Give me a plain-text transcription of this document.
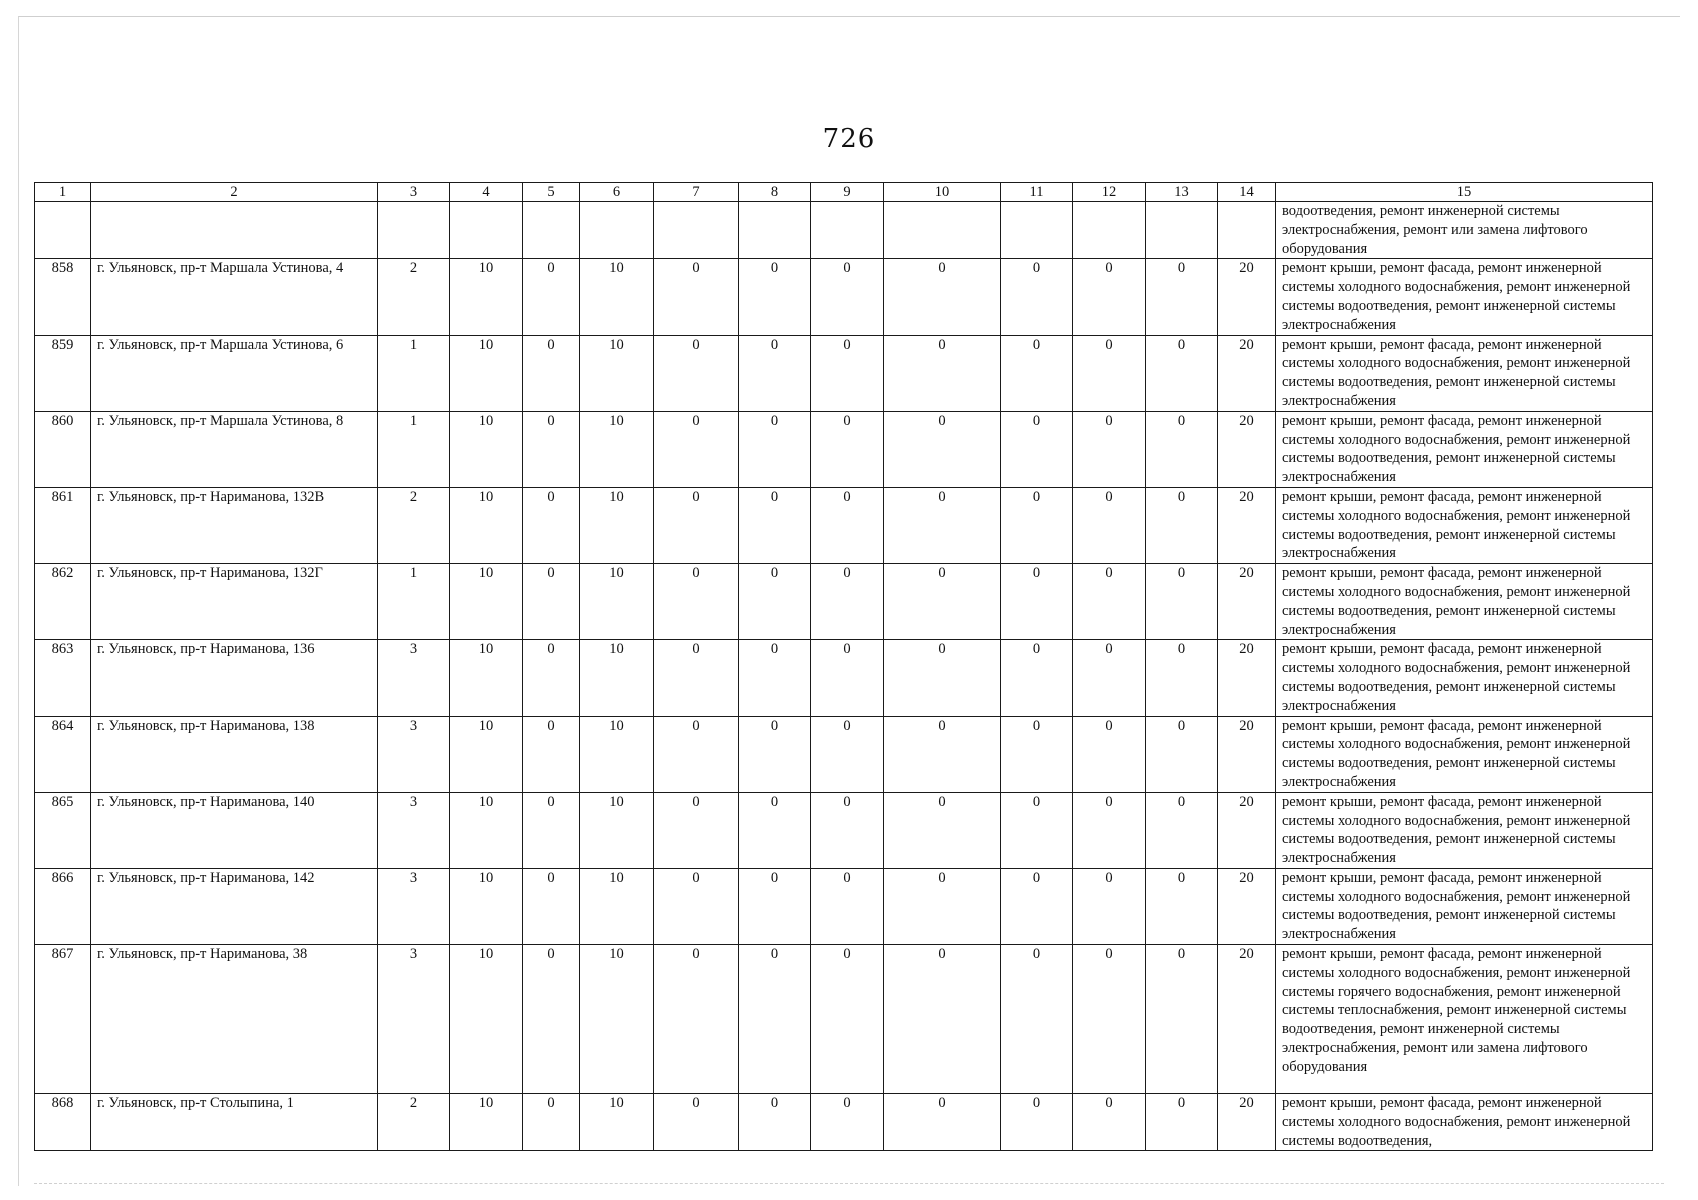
726
1	2	3	4	5	6	7	8	9	10	11	12	13	14	15
														водоотведения, ремонт инженерной системы электроснабжения, ремонт или замена лифтового оборудования
858	г. Ульяновск, пр-т Маршала Устинова, 4	2	10	0	10	0	0	0	0	0	0	0	20	ремонт крыши, ремонт фасада, ремонт инженерной системы холодного водоснабжения, ремонт инженерной системы водоотведения, ремонт инженерной системы электроснабжения
859	г. Ульяновск, пр-т Маршала Устинова, 6	1	10	0	10	0	0	0	0	0	0	0	20	ремонт крыши, ремонт фасада, ремонт инженерной системы холодного водоснабжения, ремонт инженерной системы водоотведения, ремонт инженерной системы электроснабжения
860	г. Ульяновск, пр-т Маршала Устинова, 8	1	10	0	10	0	0	0	0	0	0	0	20	ремонт крыши, ремонт фасада, ремонт инженерной системы холодного водоснабжения, ремонт инженерной системы водоотведения, ремонт инженерной системы электроснабжения
861	г. Ульяновск, пр-т Нариманова, 132В	2	10	0	10	0	0	0	0	0	0	0	20	ремонт крыши, ремонт фасада, ремонт инженерной системы холодного водоснабжения, ремонт инженерной системы водоотведения, ремонт инженерной системы электроснабжения
862	г. Ульяновск, пр-т Нариманова, 132Г	1	10	0	10	0	0	0	0	0	0	0	20	ремонт крыши, ремонт фасада, ремонт инженерной системы холодного водоснабжения, ремонт инженерной системы водоотведения, ремонт инженерной системы электроснабжения
863	г. Ульяновск, пр-т Нариманова, 136	3	10	0	10	0	0	0	0	0	0	0	20	ремонт крыши, ремонт фасада, ремонт инженерной системы холодного водоснабжения, ремонт инженерной системы водоотведения, ремонт инженерной системы электроснабжения
864	г. Ульяновск, пр-т Нариманова, 138	3	10	0	10	0	0	0	0	0	0	0	20	ремонт крыши, ремонт фасада, ремонт инженерной системы холодного водоснабжения, ремонт инженерной системы водоотведения, ремонт инженерной системы электроснабжения
865	г. Ульяновск, пр-т Нариманова, 140	3	10	0	10	0	0	0	0	0	0	0	20	ремонт крыши, ремонт фасада, ремонт инженерной системы холодного водоснабжения, ремонт инженерной системы водоотведения, ремонт инженерной системы электроснабжения
866	г. Ульяновск, пр-т Нариманова, 142	3	10	0	10	0	0	0	0	0	0	0	20	ремонт крыши, ремонт фасада, ремонт инженерной системы холодного водоснабжения, ремонт инженерной системы водоотведения, ремонт инженерной системы электроснабжения
867	г. Ульяновск, пр-т Нариманова, 38	3	10	0	10	0	0	0	0	0	0	0	20	ремонт крыши, ремонт фасада, ремонт инженерной системы холодного водоснабжения, ремонт инженерной системы горячего водоснабжения, ремонт инженерной системы теплоснабжения, ремонт инженерной системы водоотведения, ремонт инженерной системы электроснабжения, ремонт или замена лифтового оборудования
868	г. Ульяновск, пр-т Столыпина, 1	2	10	0	10	0	0	0	0	0	0	0	20	ремонт крыши, ремонт фасада, ремонт инженерной системы холодного водоснабжения, ремонт инженерной системы водоотведения,
